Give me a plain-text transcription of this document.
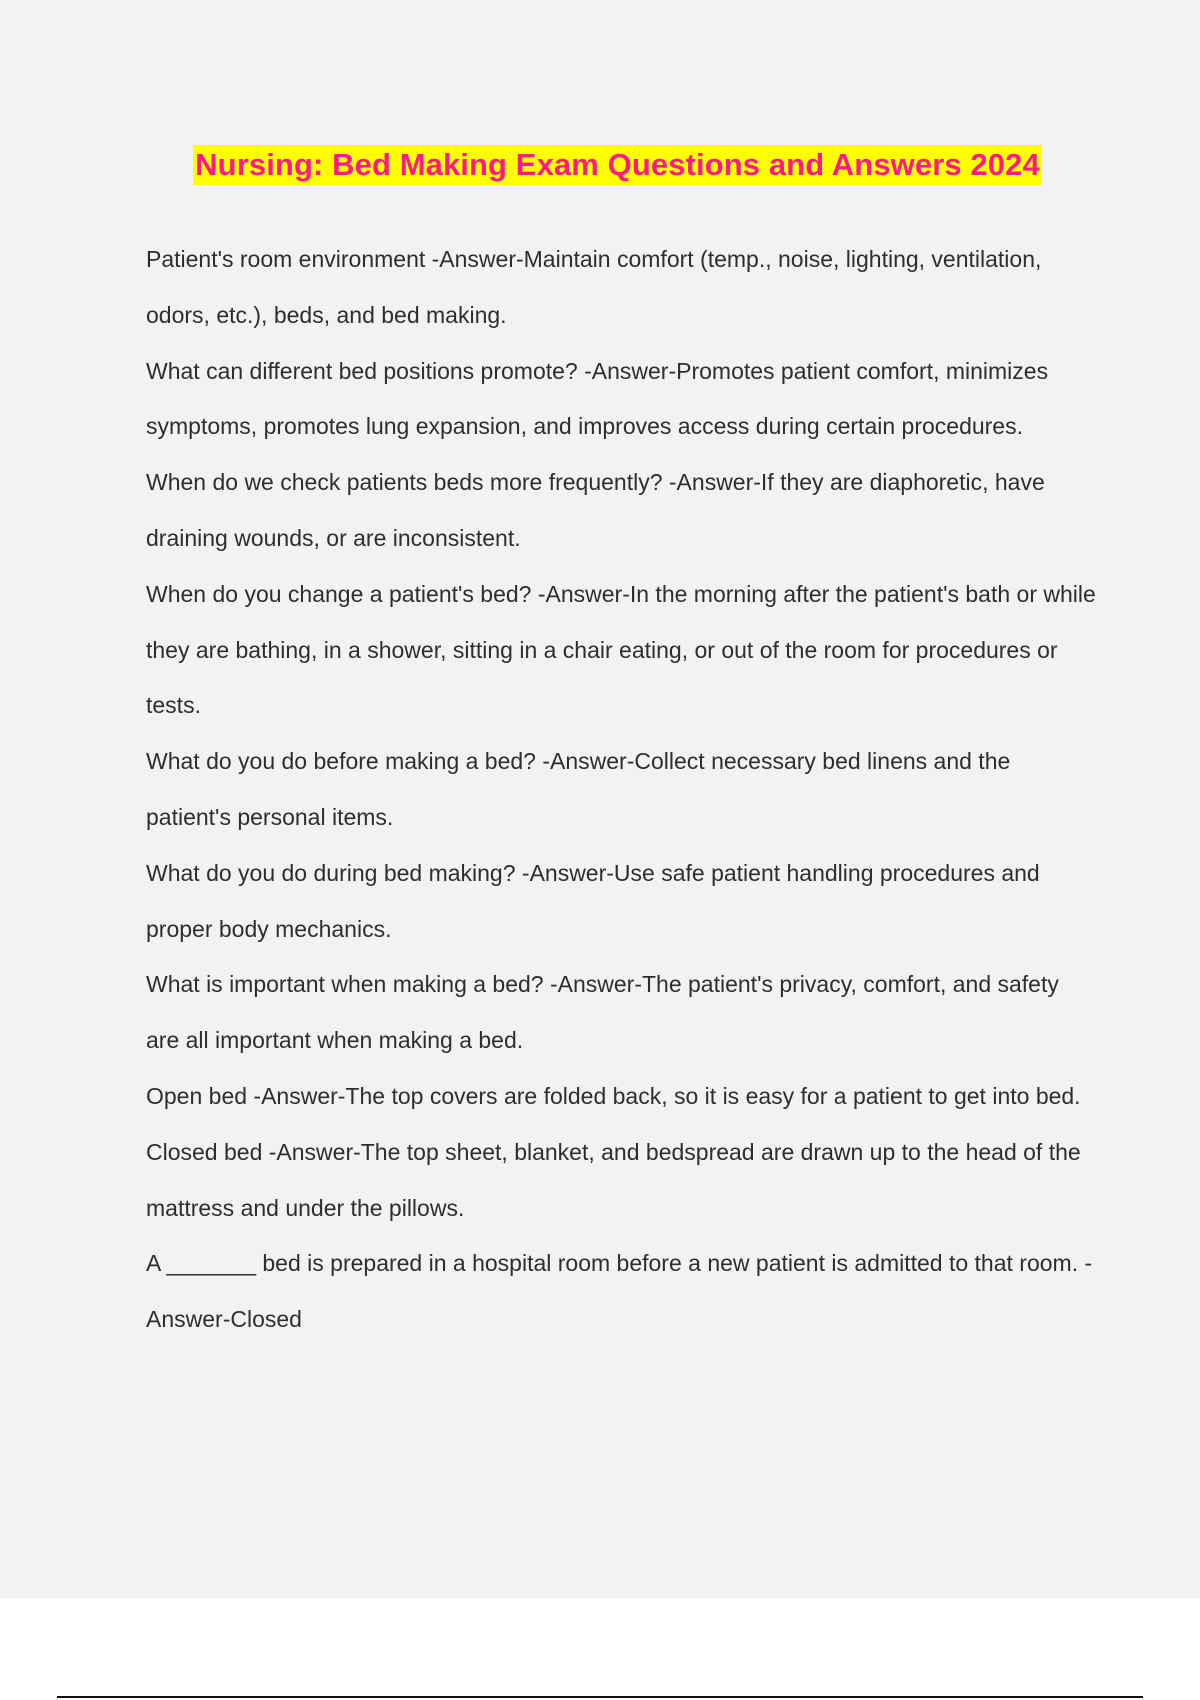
Nursing: Bed Making Exam Questions and Answers 2024

Patient's room environment -Answer-Maintain comfort (temp., noise, lighting, ventilation, odors, etc.), beds, and bed making.

What can different bed positions promote? -Answer-Promotes patient comfort, minimizes symptoms, promotes lung expansion, and improves access during certain procedures.

When do we check patients beds more frequently? -Answer-If they are diaphoretic, have draining wounds, or are inconsistent.

When do you change a patient's bed? -Answer-In the morning after the patient's bath or while they are bathing, in a shower, sitting in a chair eating, or out of the room for procedures or tests.

What do you do before making a bed? -Answer-Collect necessary bed linens and the patient's personal items.

What do you do during bed making? -Answer-Use safe patient handling procedures and proper body mechanics.

What is important when making a bed? -Answer-The patient's privacy, comfort, and safety are all important when making a bed.

Open bed -Answer-The top covers are folded back, so it is easy for a patient to get into bed.

Closed bed -Answer-The top sheet, blanket, and bedspread are drawn up to the head of the mattress and under the pillows.

A _______ bed is prepared in a hospital room before a new patient is admitted to that room. -Answer-Closed
